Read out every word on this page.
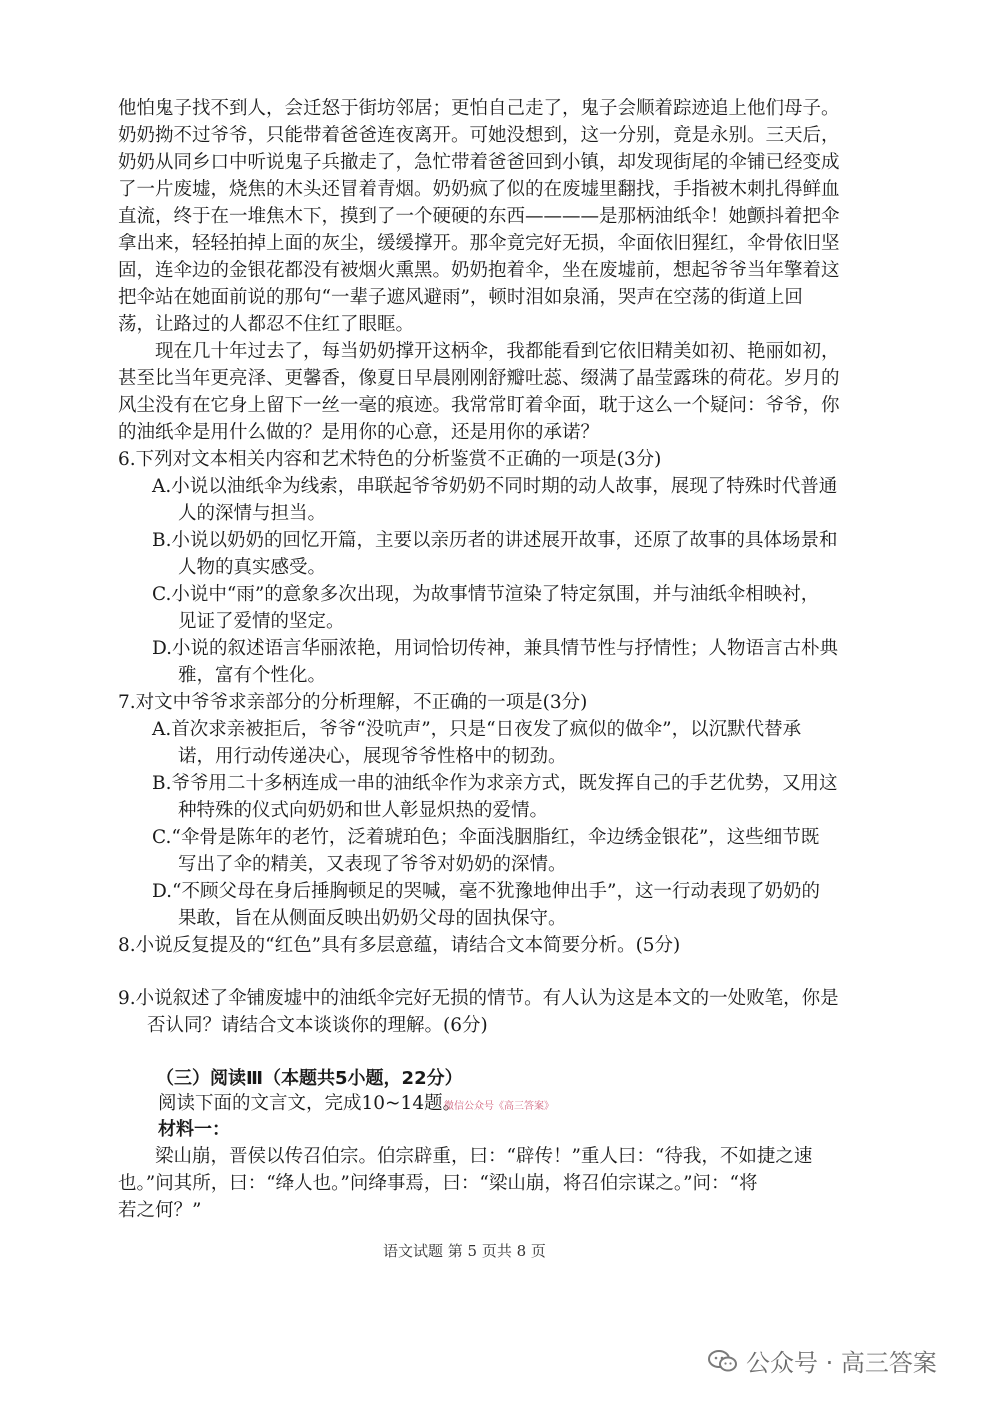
他怕鬼子找不到人，会迁怒于街坊邻居；更怕自己走了，鬼子会顺着踪迹追上他们母子。
奶奶拗不过爷爷，只能带着爸爸连夜离开。可她没想到，这一分别，竟是永别。三天后，
奶奶从同乡口中听说鬼子兵撤走了，急忙带着爸爸回到小镇，却发现街尾的伞铺已经变成
了一片废墟，烧焦的木头还冒着青烟。奶奶疯了似的在废墟里翻找，手指被木刺扎得鲜血
直流，终于在一堆焦木下，摸到了一个硬硬的东西————是那柄油纸伞！她颤抖着把伞
拿出来，轻轻拍掉上面的灰尘，缓缓撑开。那伞竟完好无损，伞面依旧猩红，伞骨依旧坚
固，连伞边的金银花都没有被烟火熏黑。奶奶抱着伞，坐在废墟前，想起爷爷当年擎着这
把伞站在她面前说的那句“一辈子遮风避雨”，顿时泪如泉涌，哭声在空荡的街道上回
荡，让路过的人都忍不住红了眼眶。
现在几十年过去了，每当奶奶撑开这柄伞，我都能看到它依旧精美如初、艳丽如初，
甚至比当年更亮泽、更馨香，像夏日早晨刚刚舒瓣吐蕊、缀满了晶莹露珠的荷花。岁月的
风尘没有在它身上留下一丝一毫的痕迹。我常常盯着伞面，耽于这么一个疑问：爷爷，你
的油纸伞是用什么做的？是用你的心意，还是用你的承诺？
6.下列对文本相关内容和艺术特色的分析鉴赏不正确的一项是(3分)
A.小说以油纸伞为线索，串联起爷爷奶奶不同时期的动人故事，展现了特殊时代普通
人的深情与担当。
B.小说以奶奶的回忆开篇，主要以亲历者的讲述展开故事，还原了故事的具体场景和
人物的真实感受。
C.小说中“雨”的意象多次出现，为故事情节渲染了特定氛围，并与油纸伞相映衬，
见证了爱情的坚定。
D.小说的叙述语言华丽浓艳，用词恰切传神，兼具情节性与抒情性；人物语言古朴典
雅，富有个性化。
7.对文中爷爷求亲部分的分析理解，不正确的一项是(3分)
A.首次求亲被拒后，爷爷“没吭声”，只是“日夜发了疯似的做伞”，以沉默代替承
诺，用行动传递决心，展现爷爷性格中的韧劲。
B.爷爷用二十多柄连成一串的油纸伞作为求亲方式，既发挥自己的手艺优势，又用这
种特殊的仪式向奶奶和世人彰显炽热的爱情。
C.“伞骨是陈年的老竹，泛着琥珀色；伞面浅胭脂红，伞边绣金银花”，这些细节既
写出了伞的精美，又表现了爷爷对奶奶的深情。
D.“不顾父母在身后捶胸顿足的哭喊，毫不犹豫地伸出手”，这一行动表现了奶奶的
果敢，旨在从侧面反映出奶奶父母的固执保守。
8.小说反复提及的“红色”具有多层意蕴，请结合文本简要分析。(5分)
9.小说叙述了伞铺废墟中的油纸伞完好无损的情节。有人认为这是本文的一处败笔，你是
否认同？请结合文本谈谈你的理解。(6分)
（三）阅读Ⅲ（本题共5小题，22分）
阅读下面的文言文，完成10~14题。
微信公众号《高三答案》
材料一：
梁山崩，晋侯以传召伯宗。伯宗辟重，曰：“辟传！”重人曰：“待我，不如捷之速
也。”问其所，曰：“绛人也。”问绛事焉，曰：“梁山崩，将召伯宗谋之。”问：“将
若之何？”
语文试题 第 5 页共 8 页
公众号 · 高三答案
